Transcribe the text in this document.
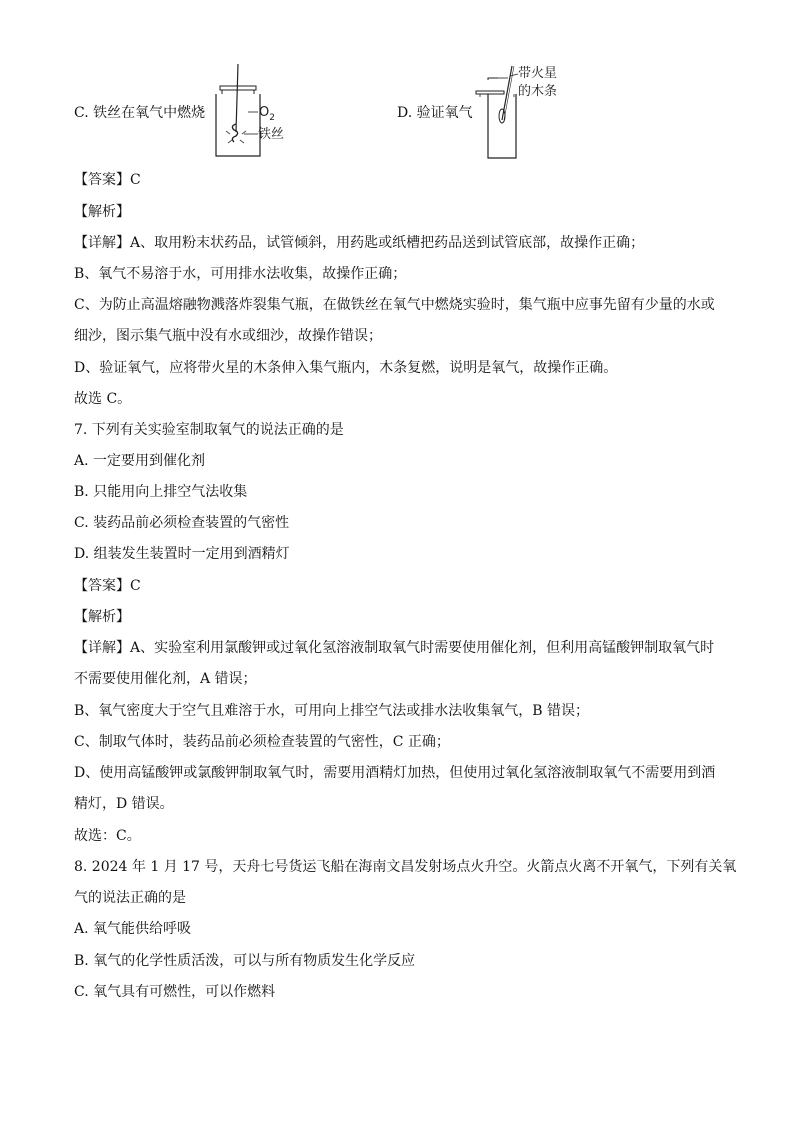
C. 铁丝在氧气中燃烧	$O_2$
铁丝
D. 验证氧气
带火星
的木条
【答案】C
【解析】
【详解】A、取用粉末状药品，试管倾斜，用药匙或纸槽把药品送到试管底部，故操作正确；
B、氧气不易溶于水，可用排水法收集，故操作正确；
C、为防止高温熔融物溅落炸裂集气瓶，在做铁丝在氧气中燃烧实验时，集气瓶中应事先留有少量的水或
细沙，图示集气瓶中没有水或细沙，故操作错误；
D、验证氧气，应将带火星的木条伸入集气瓶内，木条复燃，说明是氧气，故操作正确。
故选 C。
7. 下列有关实验室制取氧气的说法正确的是
A. 一定要用到催化剂
B. 只能用向上排空气法收集
C. 装药品前必须检查装置的气密性
D. 组装发生装置时一定用到酒精灯
【答案】C
【解析】
【详解】A、实验室利用氯酸钾或过氧化氢溶液制取氧气时需要使用催化剂，但利用高锰酸钾制取氧气时
不需要使用催化剂，A 错误；
B、氧气密度大于空气且难溶于水，可用向上排空气法或排水法收集氧气，B 错误；
C、制取气体时，装药品前必须检查装置的气密性，C 正确；
D、使用高锰酸钾或氯酸钾制取氧气时，需要用酒精灯加热，但使用过氧化氢溶液制取氧气不需要用到酒
精灯，D 错误。
故选：C。
8. 2024 年 1 月 17 号，天舟七号货运飞船在海南文昌发射场点火升空。火箭点火离不开氧气，下列有关氧
气的说法正确的是
A. 氧气能供给呼吸
B. 氧气的化学性质活泼，可以与所有物质发生化学反应
C. 氧气具有可燃性，可以作燃料
